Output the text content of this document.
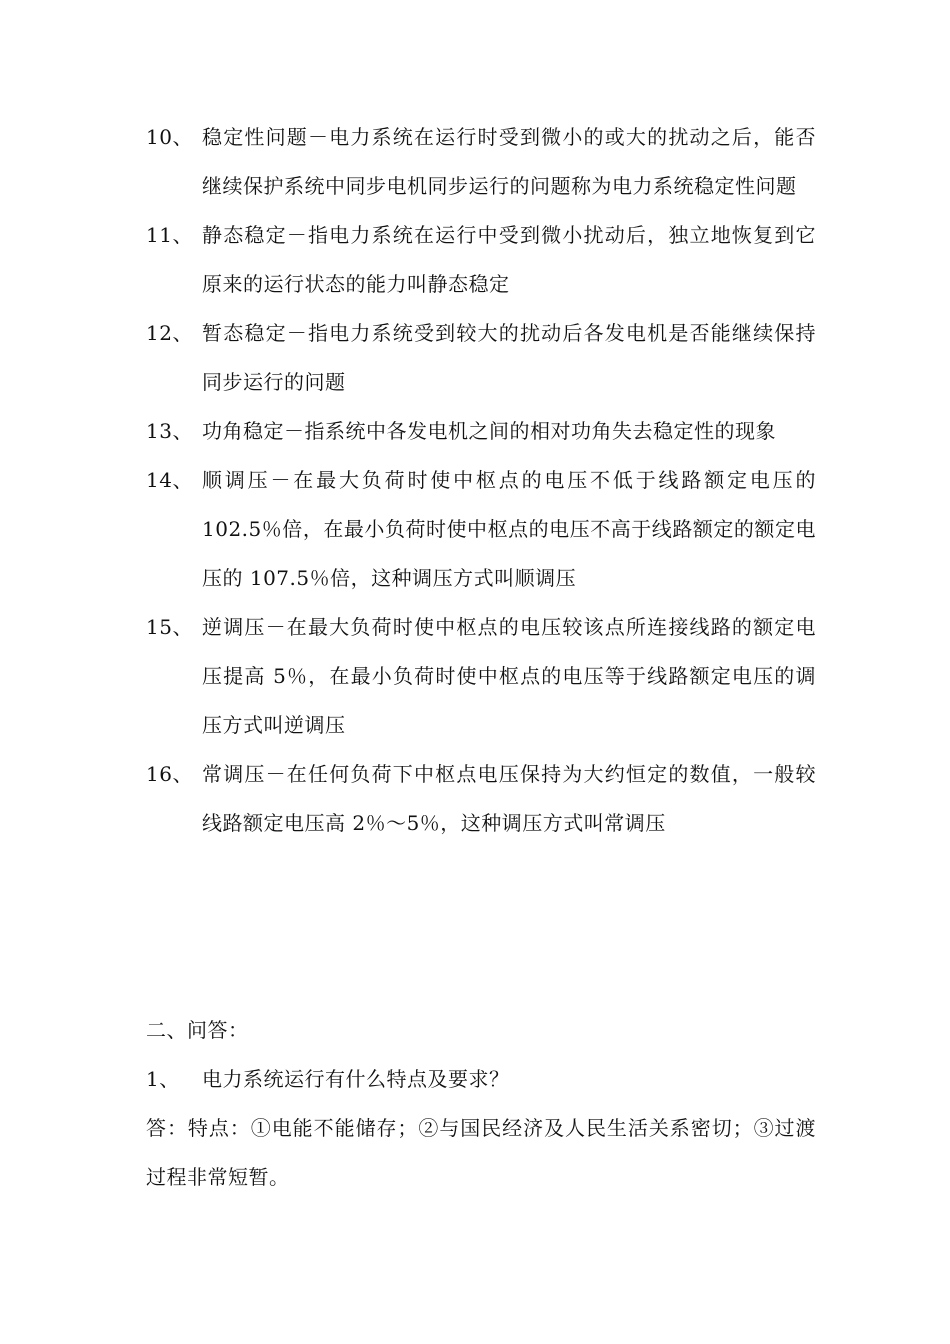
10、 稳定性问题－电力系统在运行时受到微小的或大的扰动之后，能否继续保护系统中同步电机同步运行的问题称为电力系统稳定性问题
11、 静态稳定－指电力系统在运行中受到微小扰动后，独立地恢复到它原来的运行状态的能力叫静态稳定
12、 暂态稳定－指电力系统受到较大的扰动后各发电机是否能继续保持同步运行的问题
13、 功角稳定－指系统中各发电机之间的相对功角失去稳定性的现象
14、 顺调压－在最大负荷时使中枢点的电压不低于线路额定电压的102.5％倍，在最小负荷时使中枢点的电压不高于线路额定的额定电压的 107.5％倍，这种调压方式叫顺调压
15、 逆调压－在最大负荷时使中枢点的电压较该点所连接线路的额定电压提高 5％，在最小负荷时使中枢点的电压等于线路额定电压的调压方式叫逆调压
16、 常调压－在任何负荷下中枢点电压保持为大约恒定的数值，一般较线路额定电压高 2％～5％，这种调压方式叫常调压
二、问答：
1、	电力系统运行有什么特点及要求？
答：特点：①电能不能储存；②与国民经济及人民生活关系密切；③过渡过程非常短暂。
